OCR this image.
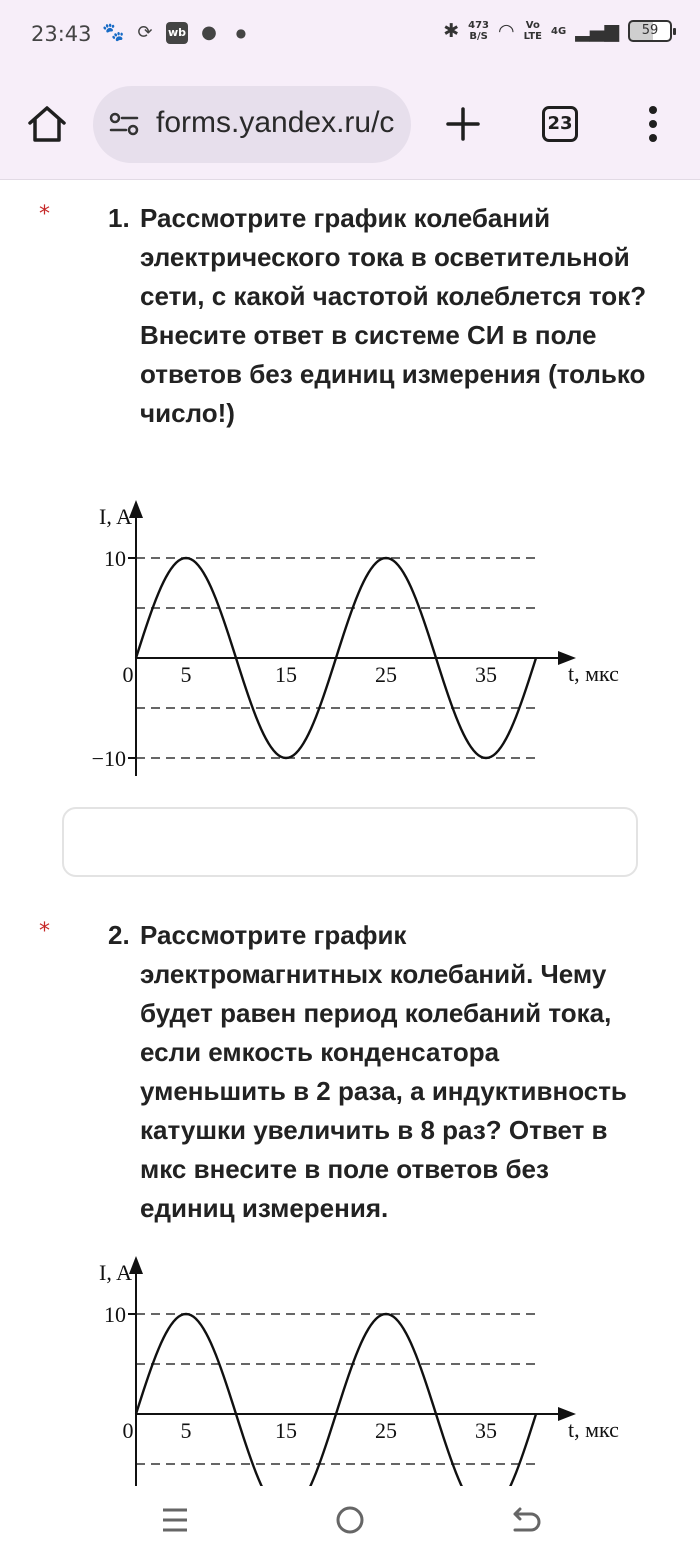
23:43 🐾 ⟳	wb ●	●	✱ 473
B/S ◠ Vo
LTE 4G ▂▄▆	59
forms.yandex.ru/c	23
* 1. Рассмотрите график колебаний электрического тока в осветительной сети, с какой частотой колеблется ток? Внесите ответ в системе СИ в поле ответов без единиц измерения (только число!)
I, A
t, мкс
0 5	15	25	35
10
−10
* 2. Рассмотрите график электромагнитных колебаний. Чему будет равен период колебаний тока, если емкость конденсатора уменьшить в 2 раза, а индуктивность катушки увеличить в 8 раз? Ответ в мкс внесите в поле ответов без единиц измерения.
I, A
t, мкс
0 5	15	25	35
10
